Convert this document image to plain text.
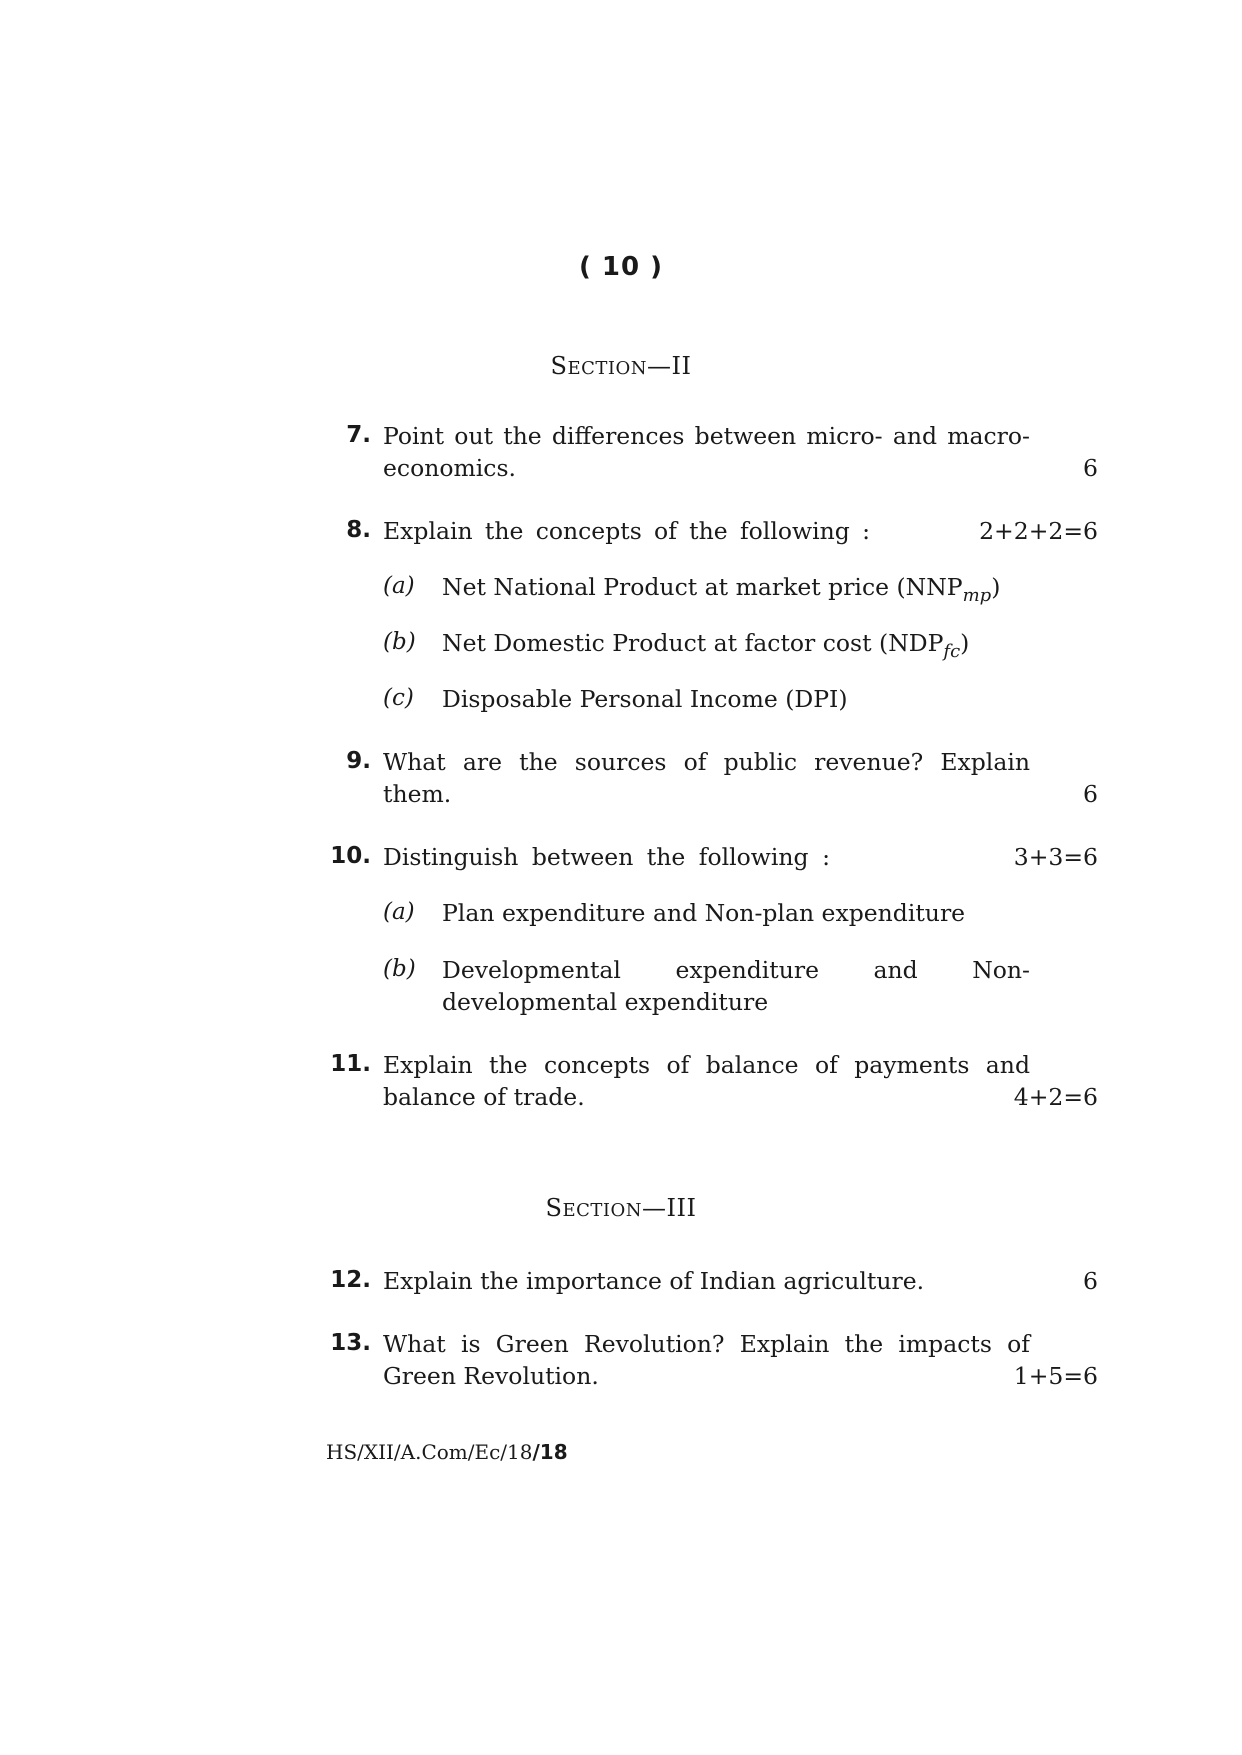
( 10 )
SECTION—II
7. Point out the differences between micro- and macro-
economics.	6
8. Explain the concepts of the following :	2+2+2=6
(a) Net National Product at market price $(NNP_{mp})$
(b) Net Domestic Product at factor cost $(NDP_{fc})$
(c) Disposable Personal Income (DPI)
9. What are the sources of public revenue? Explain
them.	6
10. Distinguish between the following :	3+3=6
(a) Plan expenditure and Non-plan expenditure
(b) Developmental expenditure and Non-
developmental expenditure
11. Explain the concepts of balance of payments and
balance of trade.	4+2=6
SECTION—III
12. Explain the importance of Indian agriculture.	6
13. What is Green Revolution? Explain the impacts of
Green Revolution.	1+5=6
HS/XII/A.Com/Ec/18/18
